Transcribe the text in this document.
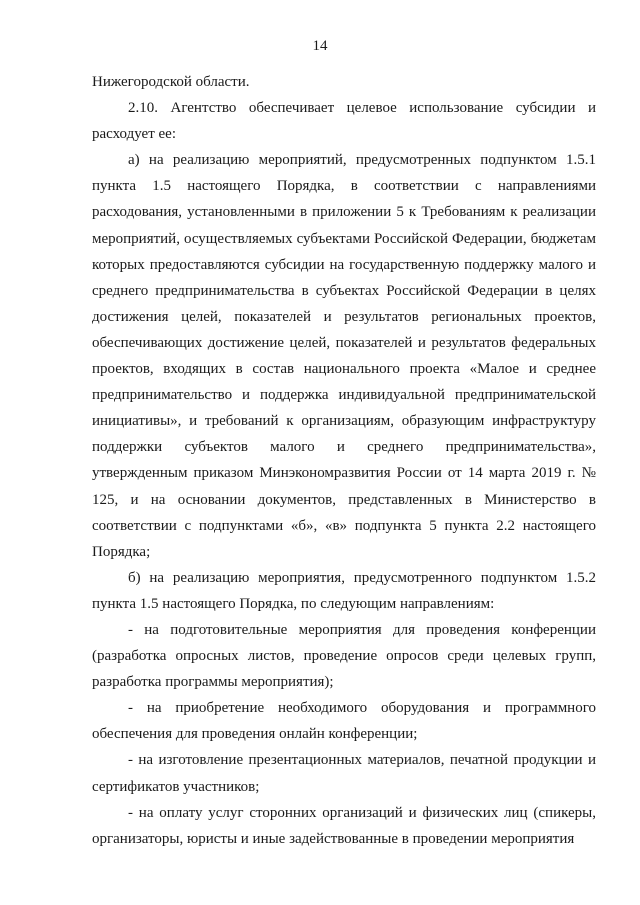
14

Нижегородской области.

2.10. Агентство обеспечивает целевое использование субсидии и расходует ее:

а) на реализацию мероприятий, предусмотренных подпунктом 1.5.1 пункта 1.5 настоящего Порядка, в соответствии с направлениями расходования, установленными в приложении 5 к Требованиям к реализации мероприятий, осуществляемых субъектами Российской Федерации, бюджетам которых предоставляются субсидии на государственную поддержку малого и среднего предпринимательства в субъектах Российской Федерации в целях достижения целей, показателей и результатов региональных проектов, обеспечивающих достижение целей, показателей и результатов федеральных проектов, входящих в состав национального проекта «Малое и среднее предпринимательство и поддержка индивидуальной предпринимательской инициативы», и требований к организациям, образующим инфраструктуру поддержки субъектов малого и среднего предпринимательства», утвержденным приказом Минэкономразвития России от 14 марта 2019 г. № 125, и на основании документов, представленных в Министерство в соответствии с подпунктами «б», «в» подпункта 5 пункта 2.2 настоящего Порядка;

б) на реализацию мероприятия, предусмотренного подпунктом 1.5.2 пункта 1.5 настоящего Порядка, по следующим направлениям:

- на подготовительные мероприятия для проведения конференции (разработка опросных листов, проведение опросов среди целевых групп, разработка программы мероприятия);

- на приобретение необходимого оборудования и программного обеспечения для проведения онлайн конференции;

- на изготовление презентационных материалов, печатной продукции и сертификатов участников;

- на оплату услуг сторонних организаций и физических лиц (спикеры, организаторы, юристы и иные задействованные в проведении мероприятия
